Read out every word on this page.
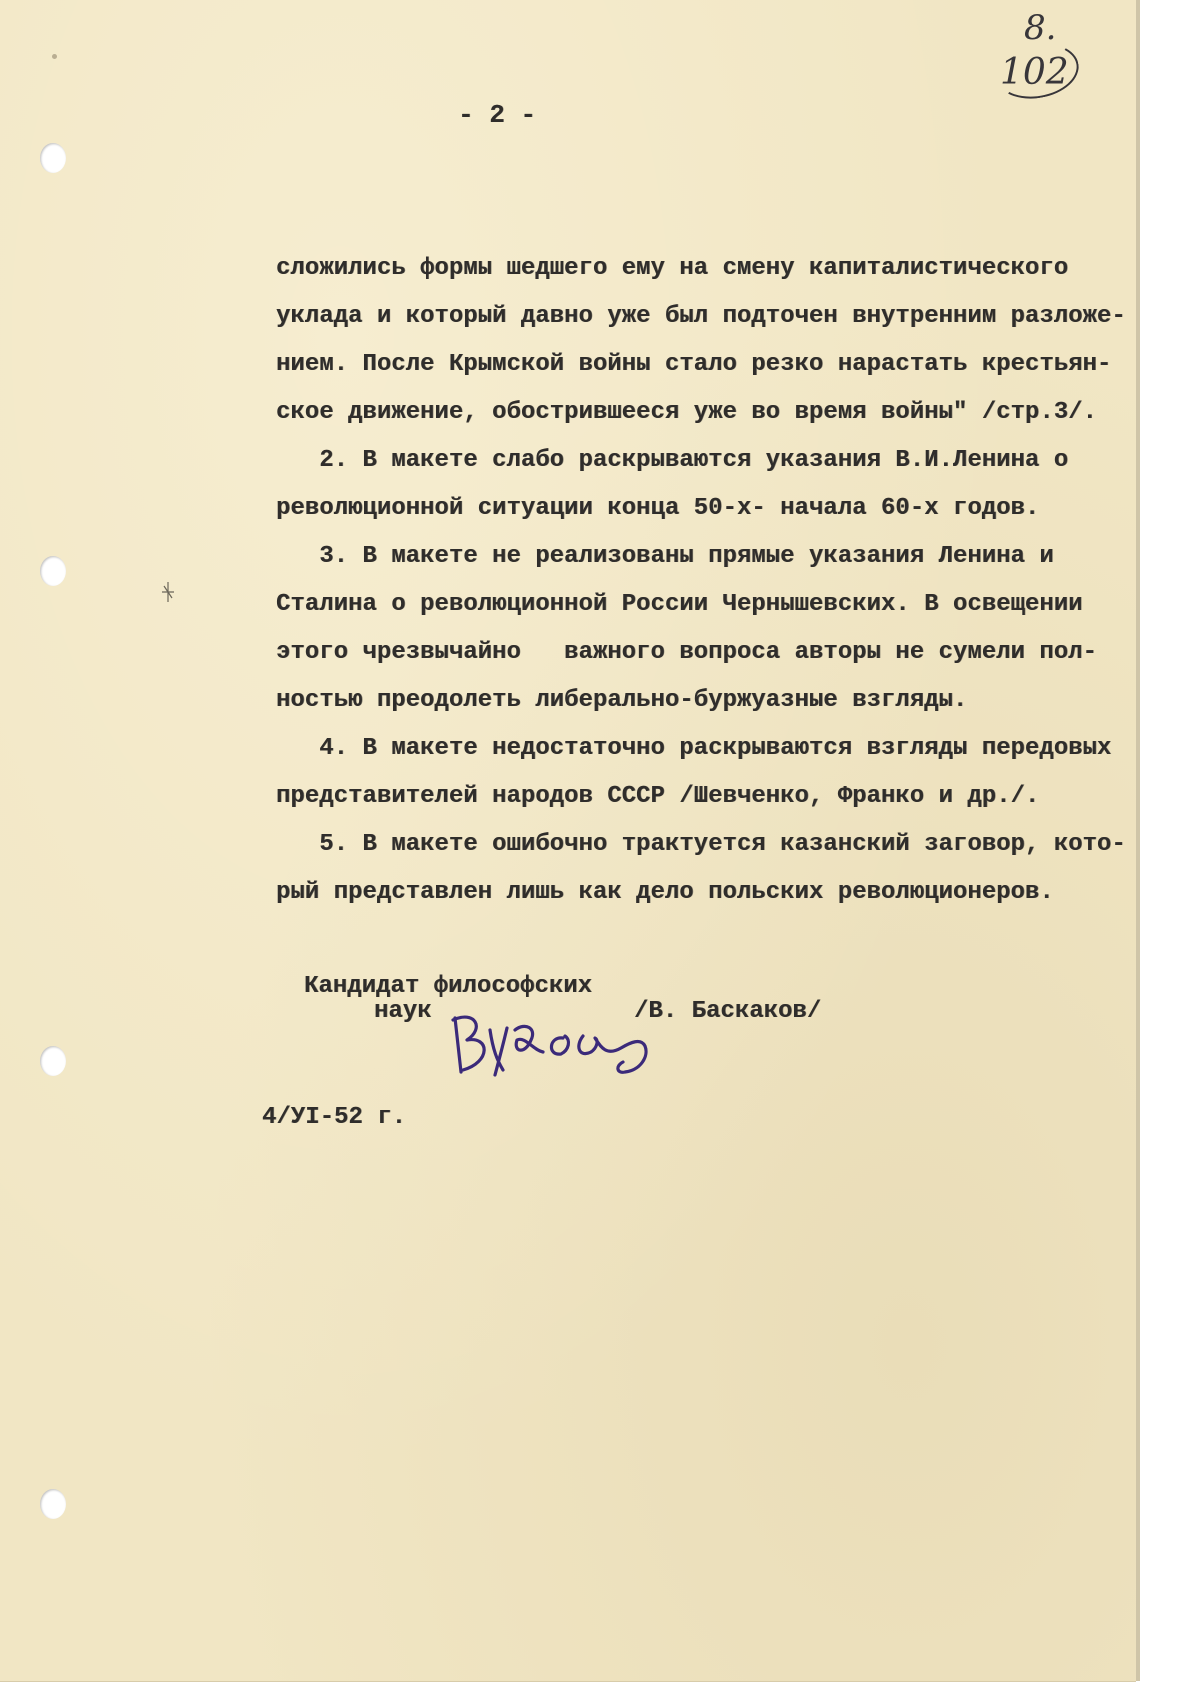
8.

102

- 2 -

сложились формы шедшего ему на смену капиталистического

уклада и который давно уже был подточен внутренним разложе-

нием. После Крымской войны стало резко нарастать крестьян-

ское движение, обострившееся уже во время войны" /стр.3/.

2. В макете слабо раскрываются указания В.И.Ленина о

революционной ситуации конца 50-х- начала 60-х годов.

3. В макете не реализованы прямые указания Ленина и

Сталина о революционной России Чернышевских. В освещении

этого чрезвычайно   важного вопроса авторы не сумели пол-

ностью преодолеть либерально-буржуазные взгляды.

4. В макете недостаточно раскрываются взгляды передовых

представителей народов СССР /Шевченко, Франко и др./.

5. В макете ошибочно трактуется казанский заговор, кото-

рый представлен лишь как дело польских революционеров.

Кандидат философских

наук	/В. Баскаков/

4/УI-52 г.
